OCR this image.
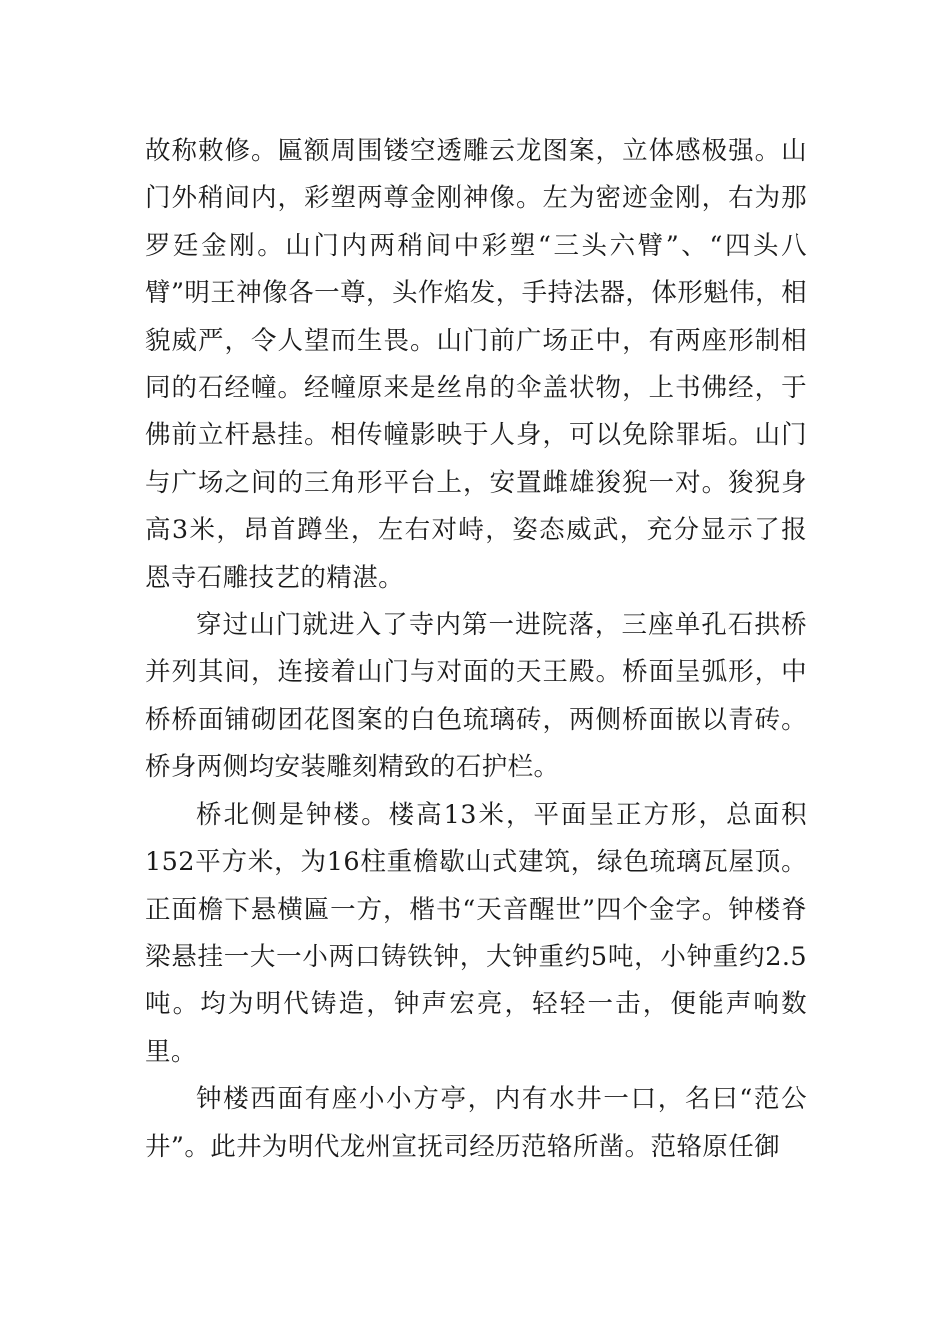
故称敕修。匾额周围镂空透雕云龙图案，立体感极强。山门外稍间内，彩塑两尊金刚神像。左为密迹金刚，右为那罗廷金刚。山门内两稍间中彩塑“三头六臂”、“四头八臂”明王神像各一尊，头作焰发，手持法器，体形魁伟，相貌威严，令人望而生畏。山门前广场正中，有两座形制相同的石经幢。经幢原来是丝帛的伞盖状物，上书佛经，于佛前立杆悬挂。相传幢影映于人身，可以免除罪垢。山门与广场之间的三角形平台上，安置雌雄狻猊一对。狻猊身高3米，昂首蹲坐，左右对峙，姿态威武，充分显示了报恩寺石雕技艺的精湛。

穿过山门就进入了寺内第一进院落，三座单孔石拱桥并列其间，连接着山门与对面的天王殿。桥面呈弧形，中桥桥面铺砌团花图案的白色琉璃砖，两侧桥面嵌以青砖。桥身两侧均安装雕刻精致的石护栏。

桥北侧是钟楼。楼高13米，平面呈正方形，总面积152平方米，为16柱重檐歇山式建筑，绿色琉璃瓦屋顶。正面檐下悬横匾一方，楷书“天音醒世”四个金字。钟楼脊梁悬挂一大一小两口铸铁钟，大钟重约5吨，小钟重约2.5吨。均为明代铸造，钟声宏亮，轻轻一击，便能声响数里。

钟楼西面有座小小方亭，内有水井一口，名曰“范公井”。此井为明代龙州宣抚司经历范辂所凿。范辂原任御
